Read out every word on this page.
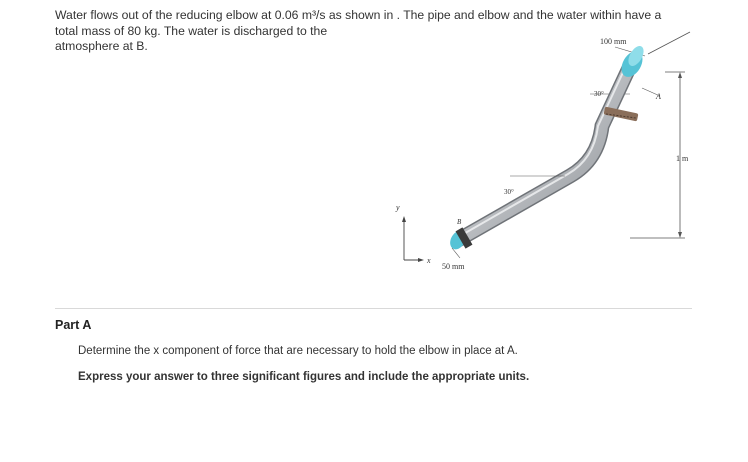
Water flows out of the reducing elbow at 0.06 m³/s as shown in . The pipe and elbow and the water within have a
total mass of 80 kg. The water is discharged to the
atmosphere at B.
1 m
100 mm
30°	A
30°
B
50 mm
y
x
Part A
Determine the x component of force that are necessary to hold the elbow in place at A.
Express your answer to three significant figures and include the appropriate units.
